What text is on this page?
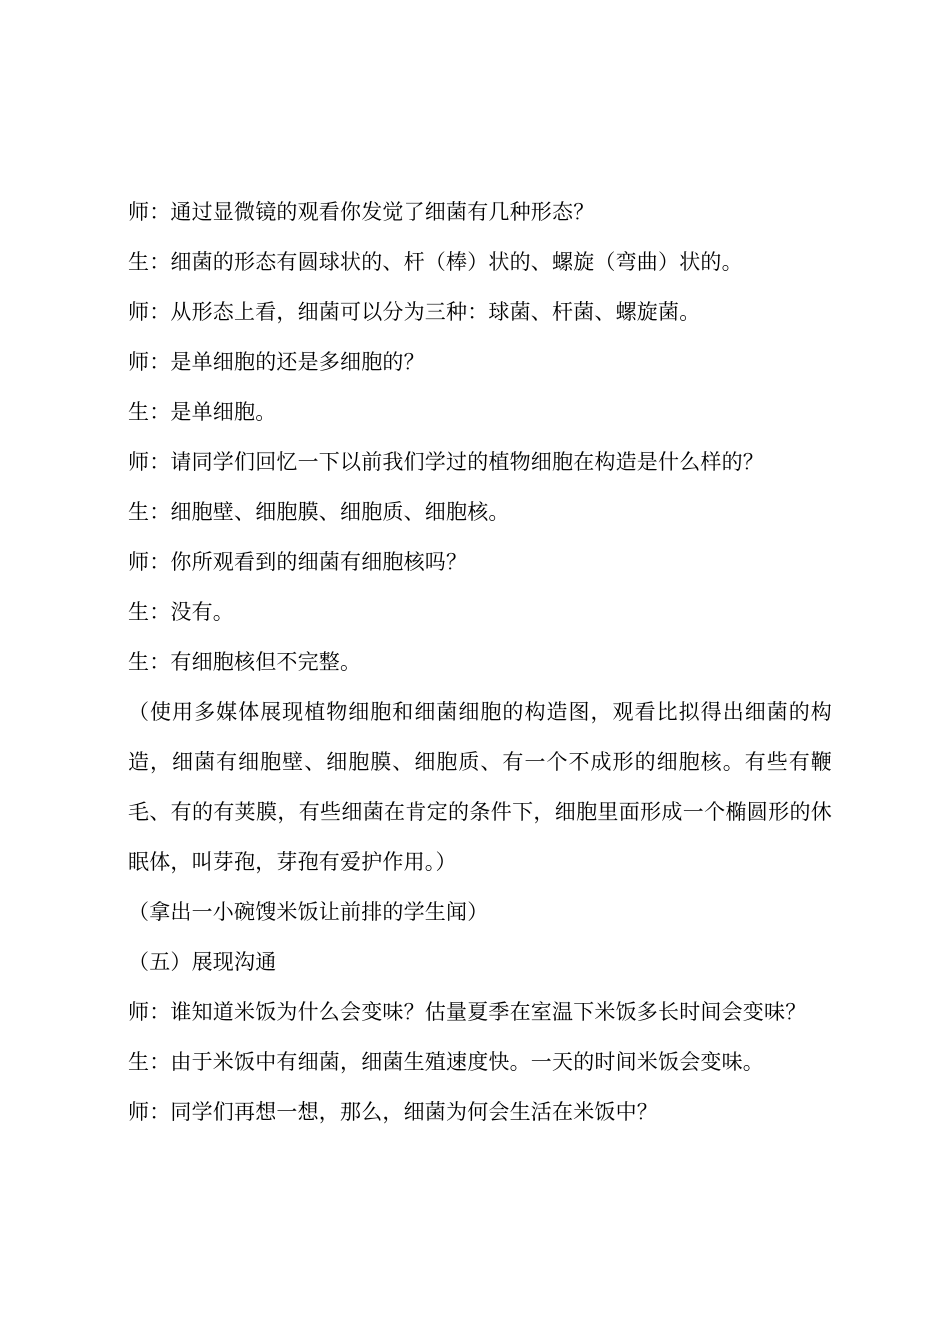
师：通过显微镜的观看你发觉了细菌有几种形态？
生：细菌的形态有圆球状的、杆（棒）状的、螺旋（弯曲）状的。
师：从形态上看，细菌可以分为三种：球菌、杆菌、螺旋菌。
师：是单细胞的还是多细胞的？
生：是单细胞。
师：请同学们回忆一下以前我们学过的植物细胞在构造是什么样的？
生：细胞壁、细胞膜、细胞质、细胞核。
师：你所观看到的细菌有细胞核吗？
生：没有。
生：有细胞核但不完整。
（使用多媒体展现植物细胞和细菌细胞的构造图，观看比拟得出细菌的构造，细菌有细胞壁、细胞膜、细胞质、有一个不成形的细胞核。有些有鞭毛、有的有荚膜，有些细菌在肯定的条件下，细胞里面形成一个椭圆形的休眠体，叫芽孢，芽孢有爱护作用。）
（拿出一小碗馊米饭让前排的学生闻）
（五）展现沟通
师：谁知道米饭为什么会变味？估量夏季在室温下米饭多长时间会变味？
生：由于米饭中有细菌，细菌生殖速度快。一天的时间米饭会变味。
师：同学们再想一想，那么，细菌为何会生活在米饭中？
